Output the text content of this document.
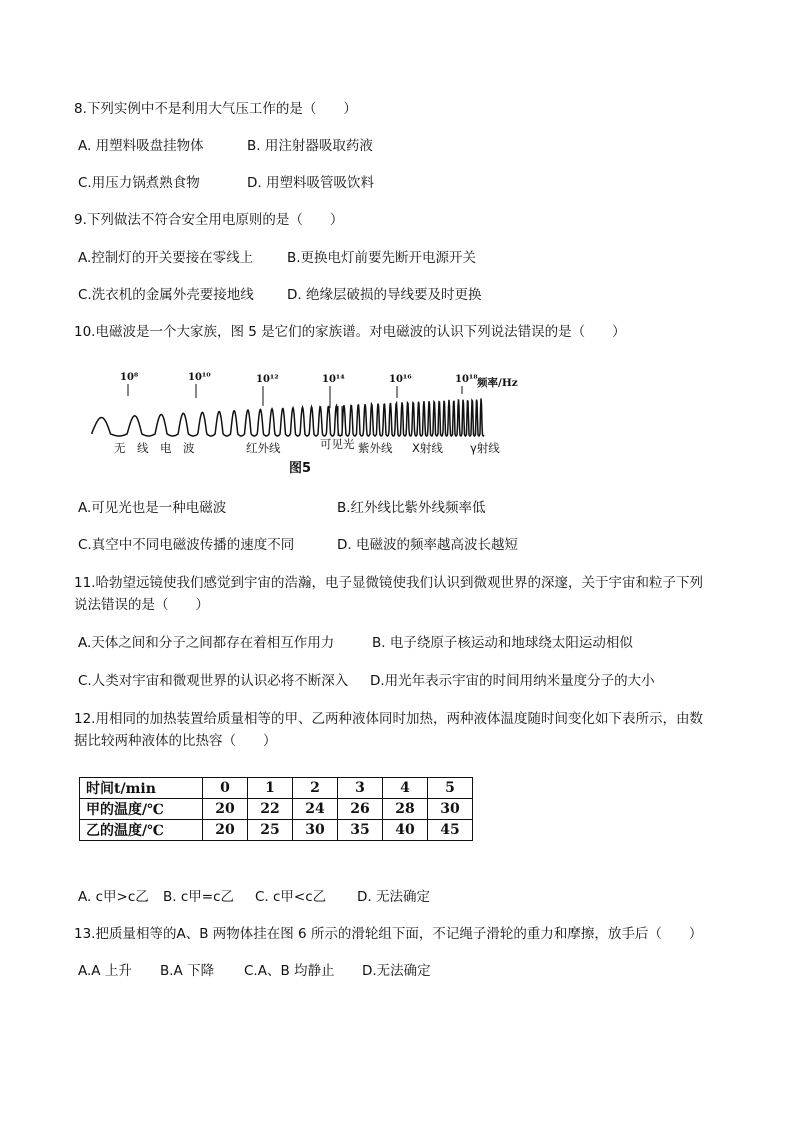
8.下列实例中不是利用大气压工作的是（　　）
A. 用塑料吸盘挂物体	B. 用注射器吸取药液
C.用压力锅煮熟食物	D. 用塑料吸管吸饮料
9.下列做法不符合安全用电原则的是（　　）
A.控制灯的开关要接在零线上 B.更换电灯前要先断开电源开关
C.洗衣机的金属外壳要接地线 D. 绝缘层破损的导线要及时更换
10.电磁波是一个大家族，图 5 是它们的家族谱。对电磁波的认识下列说法错误的是（　　）
10⁸	10¹⁰	10¹²	10¹⁴	10¹⁶	10¹⁸ 频率/Hz
无　线　电　波	红外线	可见光 紫外线 X射线 γ射线
图5
A.可见光也是一种电磁波	B.红外线比紫外线频率低
C.真空中不同电磁波传播的速度不同	D. 电磁波的频率越高波长越短
11.哈勃望远镜使我们感觉到宇宙的浩瀚，电子显微镜使我们认识到微观世界的深邃，关于宇宙和粒子下列
说法错误的是（　　）
A.天体之间和分子之间都存在着相互作用力	B. 电子绕原子核运动和地球绕太阳运动相似
C.人类对宇宙和微观世界的认识必将不断深入 D.用光年表示宇宙的时间用纳米量度分子的大小
12.用相同的加热装置给质量相等的甲、乙两种液体同时加热，两种液体温度随时间变化如下表所示，由数
据比较两种液体的比热容（　　）
时间t/min	0	1	2	3	4	5
甲的温度/℃	20	22	24	26	28	30
乙的温度/℃	20	25	30	35	40	45
A. c甲>c乙 B. c甲=c乙 C. c甲<c乙 D. 无法确定
13.把质量相等的A、B 两物体挂在图 6 所示的滑轮组下面，不记绳子滑轮的重力和摩擦，放手后（　　）
A.A 上升 B.A 下降 C.A、B 均静止 D.无法确定
